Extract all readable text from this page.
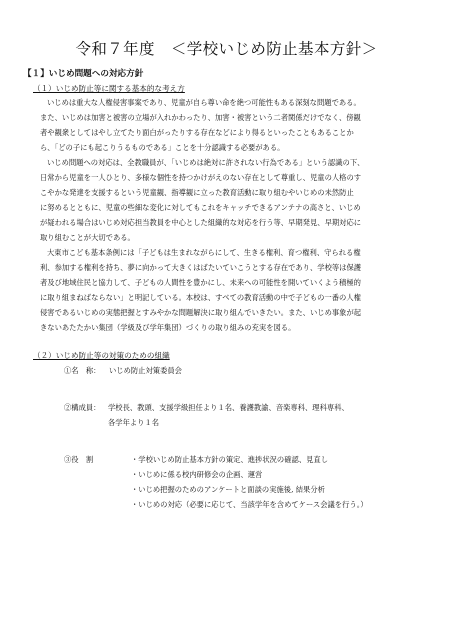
令和７年度　＜学校いじめ防止基本方針＞
【１】いじめ問題への対応方針
（１）いじめ防止等に関する基本的な考え方
いじめは重大な人権侵害事案であり、児童が自ら尊い命を絶つ可能性もある深刻な問題である。
また、いじめは加害と被害の立場が入れかわったり、加害・被害という二者関係だけでなく、傍観
者や観衆としてはやし立てたり面白がったりする存在などにより得るといったこともあることか
ら、「どの子にも起こりうるものである」ことを十分認識する必要がある。
いじめ問題への対応は、全教職員が、「いじめは絶対に許されない行為である」という認識の下、
日常から児童を一人ひとり、多様な個性を持つかけがえのない存在として尊重し、児童の人格のす
こやかな発達を支援するという児童観、指導観に立った教育活動に取り組むやいじめの未然防止
に努めるとともに、児童の些細な変化に対してもこれをキャッチできるアンテナの高さと、いじめ
が疑われる場合はいじめ対応担当教員を中心とした組織的な対応を行う等、早期発見、早期対応に
取り組むことが大切である。
大東市こども基本条例には「子どもは生まれながらにして、生きる権利、育つ権利、守られる権
利、参加する権利を持ち、夢に向かって大きくはばたいていこうとする存在であり、学校等は保護
者及び地域住民と協力して、子どもの人間性を豊かにし、未来への可能性を開いていくよう積極的
に取り組まねばならない」と明記している。本校は、すべての教育活動の中で子どもの一番の人権
侵害であるいじめの実態把握とすみやかな問題解決に取り組んでいきたい。また、いじめ事象が起
きないあたたかい集団（学級及び学年集団）づくりの取り組みの充実を図る。
（２）いじめ防止等の対策のための組織
①名　称： いじめ防止対策委員会
②構成員： 学校長、教頭、支援学級担任より１名、養護教諭、音楽専科、理科専科、
各学年より１名
③役　割	・学校いじめ防止基本方針の策定、進捗状況の確認、見直し
・いじめに係る校内研修会の企画、運営
・いじめ把握のためのアンケートと面談の実施後, 結果分析
・いじめの対応（必要に応じて、当該学年を含めてケース会議を行う。）
